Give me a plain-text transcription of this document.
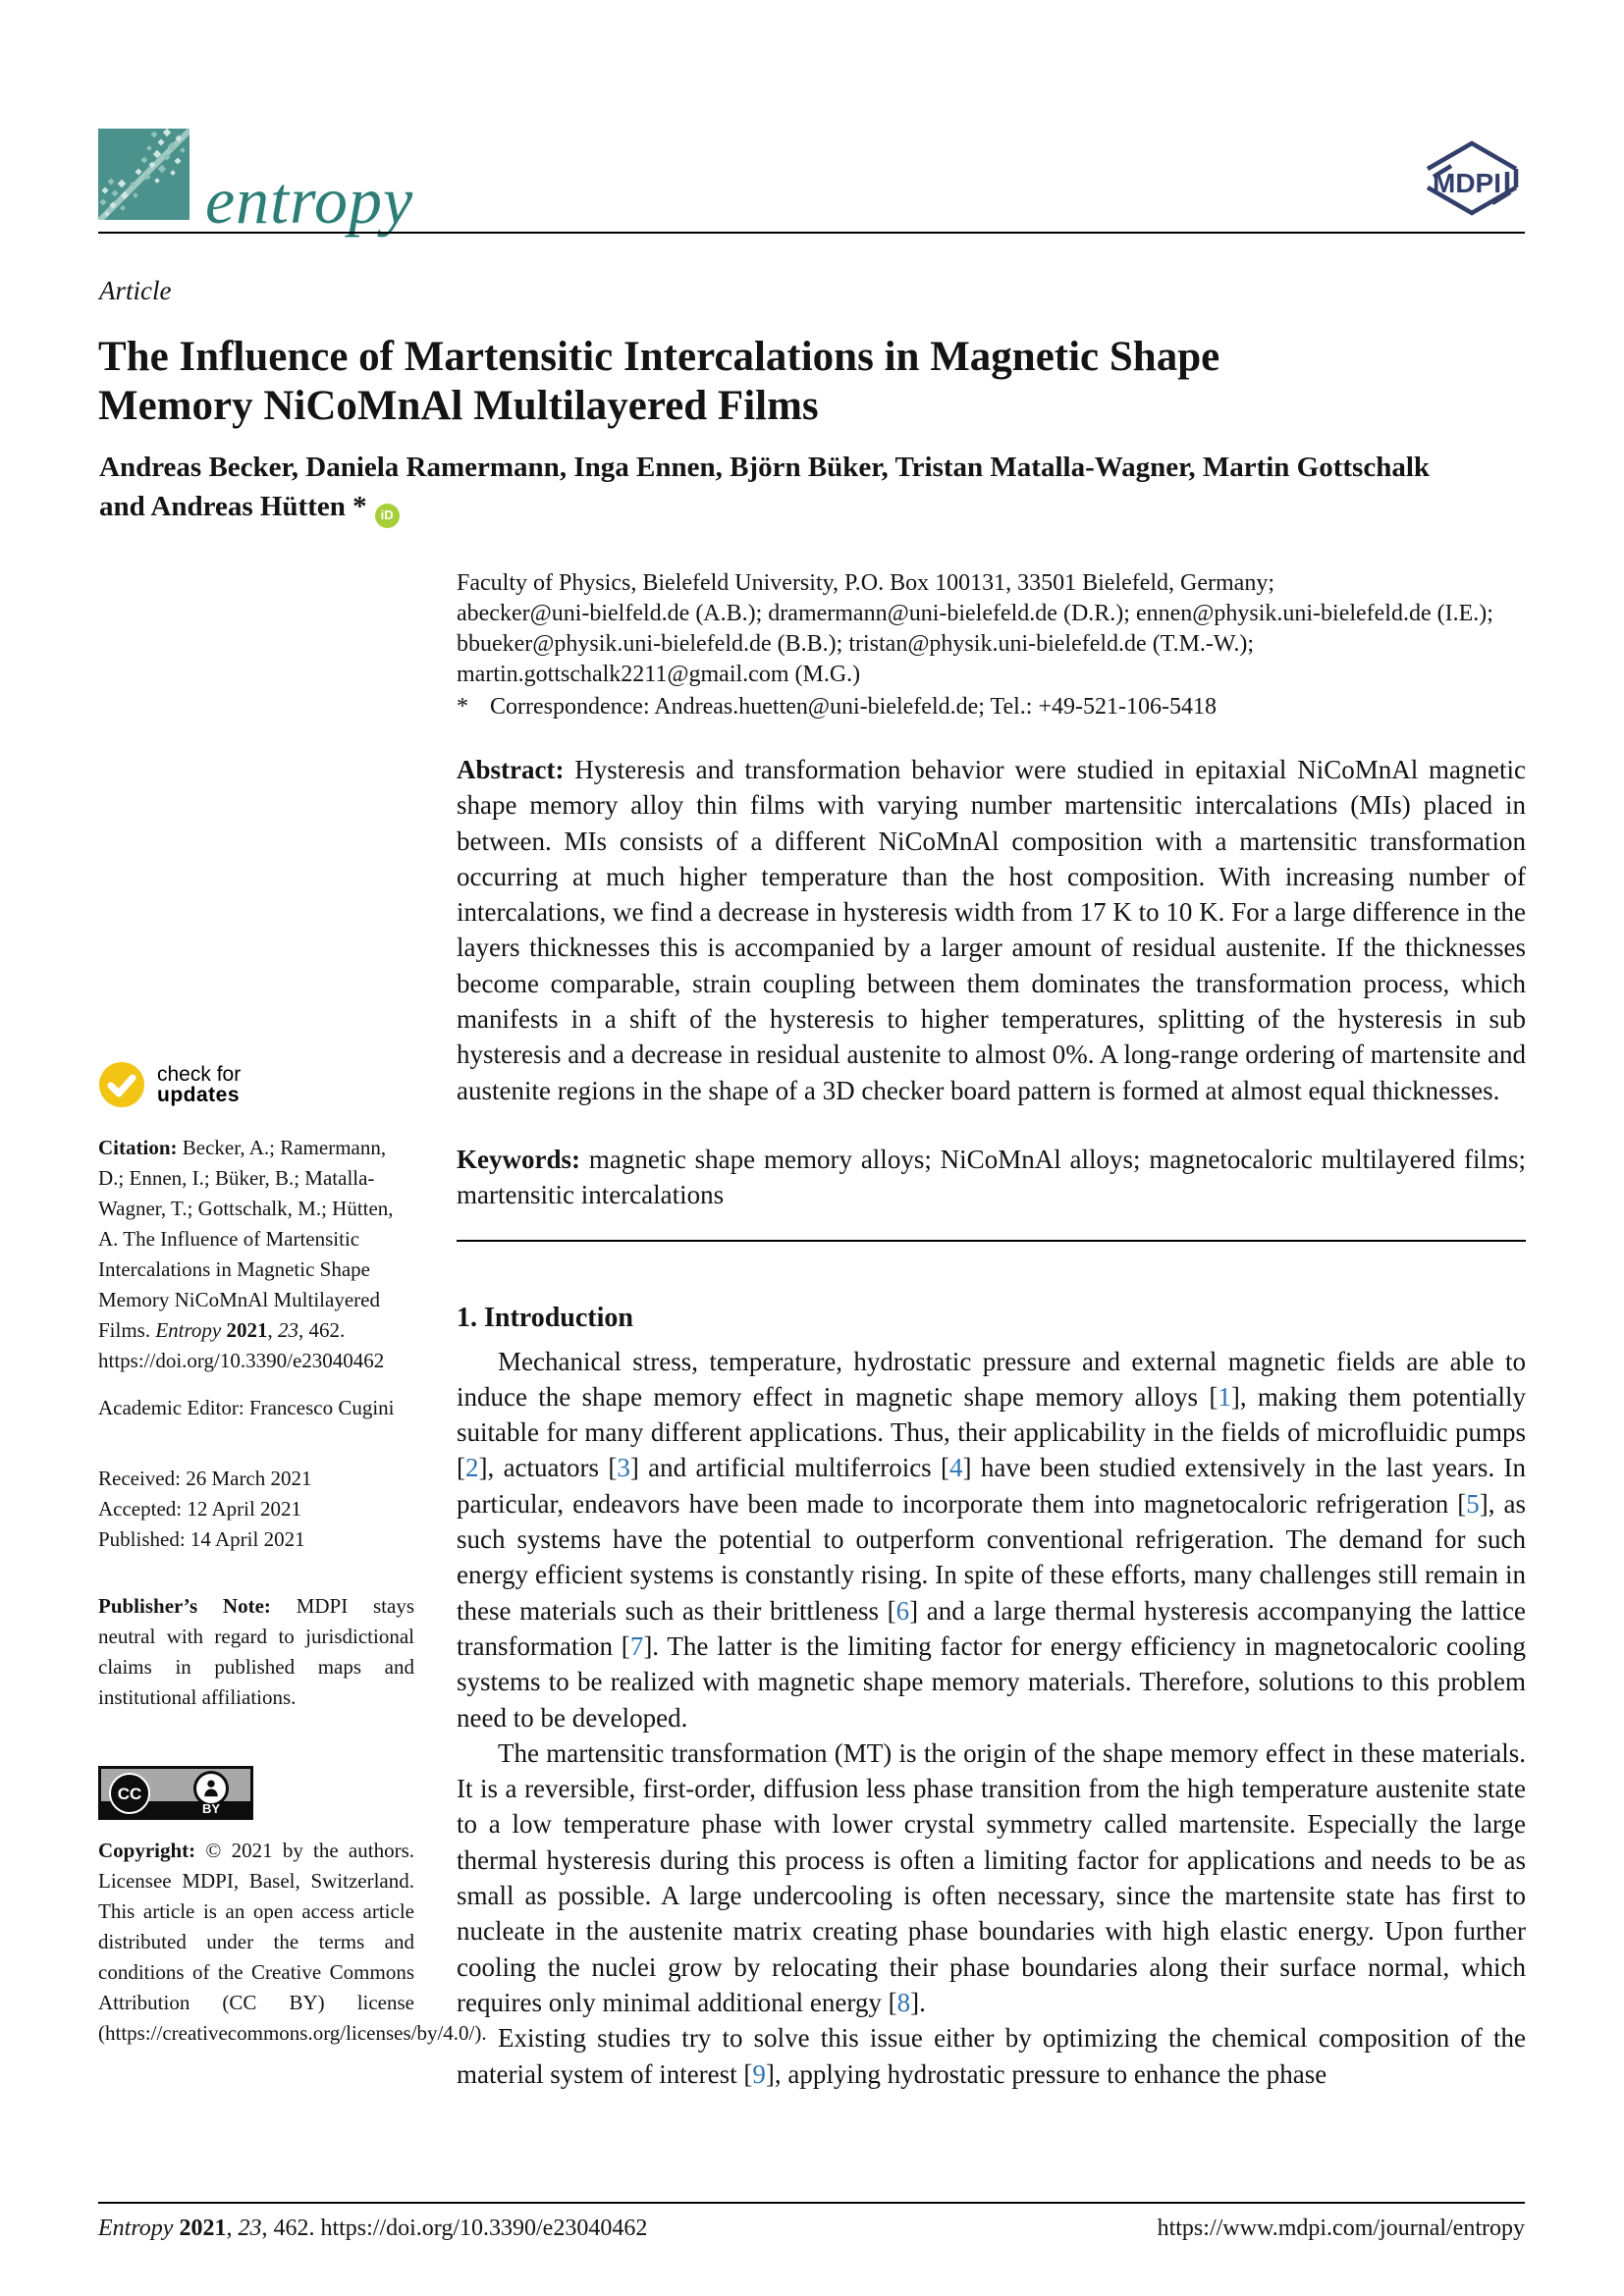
entropy	MDPI
Article
The Influence of Martensitic Intercalations in Magnetic Shape Memory NiCoMnAl Multilayered Films
Andreas Becker, Daniela Ramermann, Inga Ennen, Björn Büker, Tristan Matalla-Wagner, Martin Gottschalk
and Andreas Hütten * iD
Faculty of Physics, Bielefeld University, P.O. Box 100131, 33501 Bielefeld, Germany;
abecker@uni-bielfeld.de (A.B.); dramermann@uni-bielefeld.de (D.R.); ennen@physik.uni-bielefeld.de (I.E.);
bbueker@physik.uni-bielefeld.de (B.B.); tristan@physik.uni-bielefeld.de (T.M.-W.);
martin.gottschalk2211@gmail.com (M.G.)
* Correspondence: Andreas.huetten@uni-bielefeld.de; Tel.: +49-521-106-5418

Abstract: Hysteresis and transformation behavior were studied in epitaxial NiCoMnAl magnetic shape memory alloy thin films with varying number martensitic intercalations (MIs) placed in between. MIs consists of a different NiCoMnAl composition with a martensitic transformation occurring at much higher temperature than the host composition. With increasing number of intercalations, we find a decrease in hysteresis width from 17 K to 10 K. For a large difference in the layers thicknesses this is accompanied by a larger amount of residual austenite. If the thicknesses become comparable, strain coupling between them dominates the transformation process, which manifests in a shift of the hysteresis to higher temperatures, splitting of the hysteresis in sub hysteresis and a decrease in residual austenite to almost 0%. A long-range ordering of martensite and austenite regions in the shape of a 3D checker board pattern is formed at almost equal thicknesses.

Keywords: magnetic shape memory alloys; NiCoMnAl alloys; magnetocaloric multilayered films; martensitic intercalations

1. Introduction

Mechanical stress, temperature, hydrostatic pressure and external magnetic fields are able to induce the shape memory effect in magnetic shape memory alloys [1], making them potentially suitable for many different applications. Thus, their applicability in the fields of microfluidic pumps [2], actuators [3] and artificial multiferroics [4] have been studied extensively in the last years. In particular, endeavors have been made to incorporate them into magnetocaloric refrigeration [5], as such systems have the potential to outperform conventional refrigeration. The demand for such energy efficient systems is constantly rising. In spite of these efforts, many challenges still remain in these materials such as their brittleness [6] and a large thermal hysteresis accompanying the lattice transformation [7]. The latter is the limiting factor for energy efficiency in magnetocaloric cooling systems to be realized with magnetic shape memory materials. Therefore, solutions to this problem need to be developed.

The martensitic transformation (MT) is the origin of the shape memory effect in these materials. It is a reversible, first-order, diffusion less phase transition from the high temperature austenite state to a low temperature phase with lower crystal symmetry called martensite. Especially the large thermal hysteresis during this process is often a limiting factor for applications and needs to be as small as possible. A large undercooling is often necessary, since the martensite state has first to nucleate in the austenite matrix creating phase boundaries with high elastic energy. Upon further cooling the nuclei grow by relocating their phase boundaries along their surface normal, which requires only minimal additional energy [8].

Existing studies try to solve this issue either by optimizing the chemical composition of the material system of interest [9], applying hydrostatic pressure to enhance the phase

check for
updates
Citation: Becker, A.; Ramermann, D.; Ennen, I.; Büker, B.; Matalla-Wagner, T.; Gottschalk, M.; Hütten, A. The Influence of Martensitic Intercalations in Magnetic Shape Memory NiCoMnAl Multilayered Films. Entropy 2021, 23, 462. https://doi.org/10.3390/e23040462
Academic Editor: Francesco Cugini
Received: 26 March 2021
Accepted: 12 April 2021
Published: 14 April 2021
Publisher’s Note: MDPI stays neutral with regard to jurisdictional claims in published maps and institutional affiliations.
CC
BY
Copyright: © 2021 by the authors. Licensee MDPI, Basel, Switzerland. This article is an open access article distributed under the terms and conditions of the Creative Commons Attribution (CC BY) license (https://creativecommons.org/licenses/by/4.0/).
Entropy 2021, 23, 462. https://doi.org/10.3390/e23040462	https://www.mdpi.com/journal/entropy
